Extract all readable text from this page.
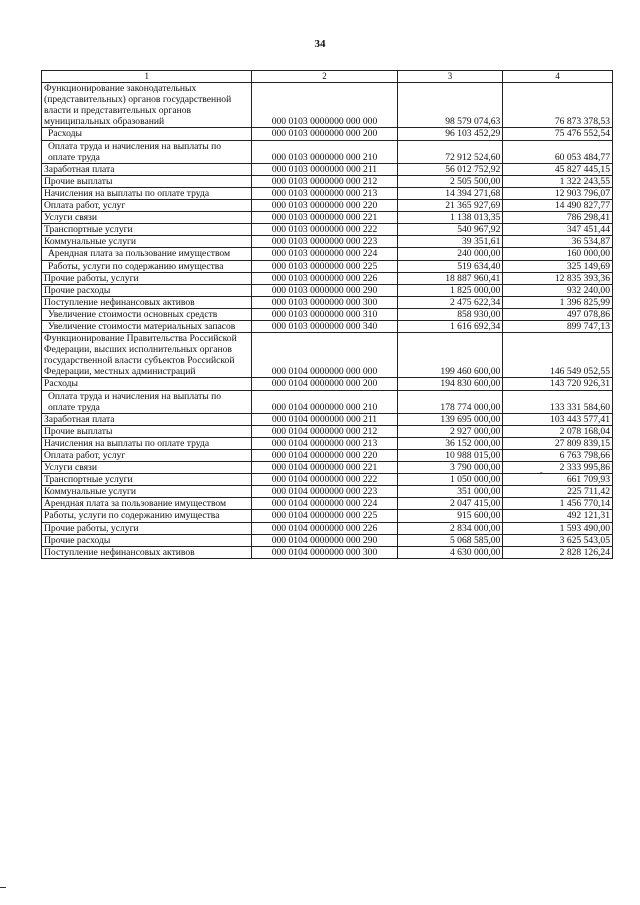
34
1	2	3	4
Функционирование законодательных (представительных) органов государственной власти и представительных органов муниципальных образований	000 0103 0000000 000 000	98 579 074,63	76 873 378,53
Расходы	000 0103 0000000 000 200	96 103 452,29	75 476 552,54
Оплата труда и начисления на выплаты по оплате труда	000 0103 0000000 000 210	72 912 524,60	60 053 484,77
Заработная плата	000 0103 0000000 000 211	56 012 752,92	45 827 445,15
Прочие выплаты	000 0103 0000000 000 212	2 505 500,00	1 322 243,55
Начисления на выплаты по оплате труда	000 0103 0000000 000 213	14 394 271,68	12 903 796,07
Оплата работ, услуг	000 0103 0000000 000 220	21 365 927,69	14 490 827,77
Услуги связи	000 0103 0000000 000 221	1 138 013,35	786 298,41
Транспортные услуги	000 0103 0000000 000 222	540 967,92	347 451,44
Коммунальные услуги	000 0103 0000000 000 223	39 351,61	36 534,87
Арендная плата за пользование имуществом	000 0103 0000000 000 224	240 000,00	160 000,00
Работы, услуги по содержанию имущества	000 0103 0000000 000 225	519 634,40	325 149,69
Прочие работы, услуги	000 0103 0000000 000 226	18 887 960,41	12 835 393,36
Прочие расходы	000 0103 0000000 000 290	1 825 000,00	932 240,00
Поступление нефинансовых активов	000 0103 0000000 000 300	2 475 622,34	1 396 825,99
Увеличение стоимости основных средств	000 0103 0000000 000 310	858 930,00	497 078,86
Увеличение стоимости материальных запасов	000 0103 0000000 000 340	1 616 692,34	899 747,13
Функционирование Правительства Российской Федерации, высших исполнительных органов государственной власти субъектов Российской Федерации, местных администраций	000 0104 0000000 000 000	199 460 600,00	146 549 052,55
Расходы	000 0104 0000000 000 200	194 830 600,00	143 720 926,31
Оплата труда и начисления на выплаты по оплате труда	000 0104 0000000 000 210	178 774 000,00	133 331 584,60
Заработная плата	000 0104 0000000 000 211	139 695 000,00	103 443 577,41
Прочие выплаты	000 0104 0000000 000 212	2 927 000,00	2 078 168,04
Начисления на выплаты по оплате труда	000 0104 0000000 000 213	36 152 000,00	27 809 839,15
Оплата работ, услуг	000 0104 0000000 000 220	10 988 015,00	6 763 798,66
Услуги связи	000 0104 0000000 000 221	3 790 000,00	2 333 995,86
Транспортные услуги	000 0104 0000000 000 222	1 050 000,00	661 709,93
Коммунальные услуги	000 0104 0000000 000 223	351 000,00	225 711,42
Арендная плата за пользование имуществом	000 0104 0000000 000 224	2 047 415,00	1 456 770,14
Работы, услуги по содержанию имущества	000 0104 0000000 000 225	915 600,00	492 121,31
Прочие работы, услуги	000 0104 0000000 000 226	2 834 000,00	1 593 490,00
Прочие расходы	000 0104 0000000 000 290	5 068 585,00	3 625 543,05
Поступление нефинансовых активов	000 0104 0000000 000 300	4 630 000,00	2 828 126,24
-
